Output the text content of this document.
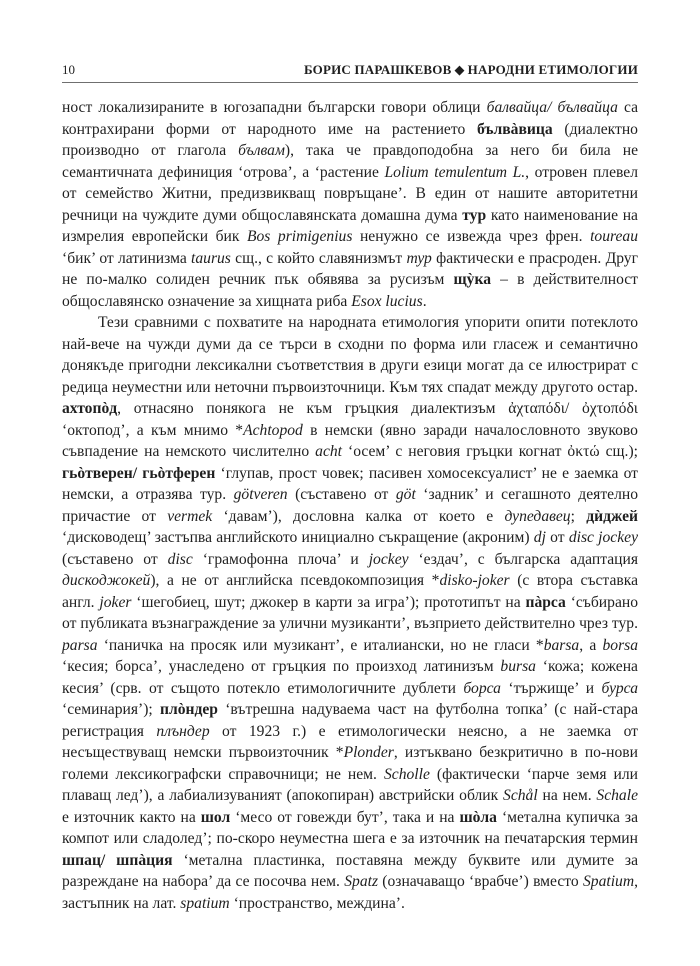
10	БОРИС ПАРАШКЕВОВ ◆ НАРОДНИ ЕТИМОЛОГИИ

ност локализираните в югозападни български говори облици балвайца/ бълвайца са контрахирани форми от народното име на растението бълвàвица (диалектно производно от глагола бълвам), така че правдоподобна за него би била не семантичната дефиниция ‘отрова’, а ‘растение Lolium temulentum L., отровен плевел от семейство Житни, предизвикващ повръщане’. В един от нашите авторитетни речници на чуждите думи общославянската домашна дума тур като наименование на измрелия европейски бик Bos primigenius ненужно се извежда чрез френ. toureau ‘бик’ от латинизма taurus сщ., с който славянизмът тур фактически е прасроден. Друг не по-малко солиден речник пък обявява за русизъм щỳка – в действителност общославянско означение за хищната риба Esox lucius.

Тези сравними с похватите на народната етимология упорити опити потеклото най-вече на чужди думи да се търси в сходни по форма или гласеж и семантично донякъде пригодни лексикални съответствия в други езици могат да се илюстрират с редица неуместни или неточни първоизточници. Към тях спадат между другото остар. ахтопòд, отнасяно понякога не към гръцкия диалектизъм ἀχταπόδι/ ὀχτοπόδι ‘октопод’, а към мнимо *Achtopod в немски (явно заради началословното звуково съвпадение на немското числително acht ‘осем’ с неговия гръцки когнат ὀκτώ сщ.); гьòтверен/ гьòтферен ‘глупав, прост човек; пасивен хомосексуалист’ не е заемка от немски, а отразява тур. götveren (съставено от göt ‘задник’ и сегашното деятелно причастие от vermek ‘давам’), дословна калка от което е дупедавец; дѝджей ‘дисководещ’ застъпва английското инициално съкращение (акроним) dj от disc jockey (съставено от disc ‘грамофонна плоча’ и jockey ‘ездач’, с българска адаптация дискоджокей), а не от английска псевдокомпозиция *disko-joker (с втора съставка англ. joker ‘шегобиец, шут; джокер в карти за игра’); прототипът на пàрса ‘събирано от публиката възнаграждение за улични музиканти’, възприето действително чрез тур. parsa ‘паничка на просяк или музикант’, е италиански, но не гласи *barsa, а borsa ‘кесия; борса’, унаследено от гръцкия по произход латинизъм bursa ‘кожа; кожена кесия’ (срв. от същото потекло етимологичните дублети борса ‘тържище’ и бурса ‘семинария’); плòндер ‘вътрешна надуваема част на футболна топка’ (с най-стара регистрация плъндер от 1923 г.) е етимологически неясно, а не заемка от несъществуващ немски първоизточник *Plonder, изтъквано безкритично в по-нови големи лексикографски справочници; не нем. Scholle (фактически ‘парче земя или плаващ лед’), а лабиализуваният (апокопиран) австрийски облик Schål на нем. Schale е източник както на шол ‘месо от говежди бут’, така и на шòла ‘метална купичка за компот или сладолед’; по-скоро неуместна шега е за източник на печатарския термин шпац/ шпàция ‘метална пластинка, поставяна между буквите или думите за разреждане на набора’ да се посочва нем. Spatz (означаващо ‘врабче’) вместо Spatium, застъпник на лат. spatium ‘пространство, междина’.
